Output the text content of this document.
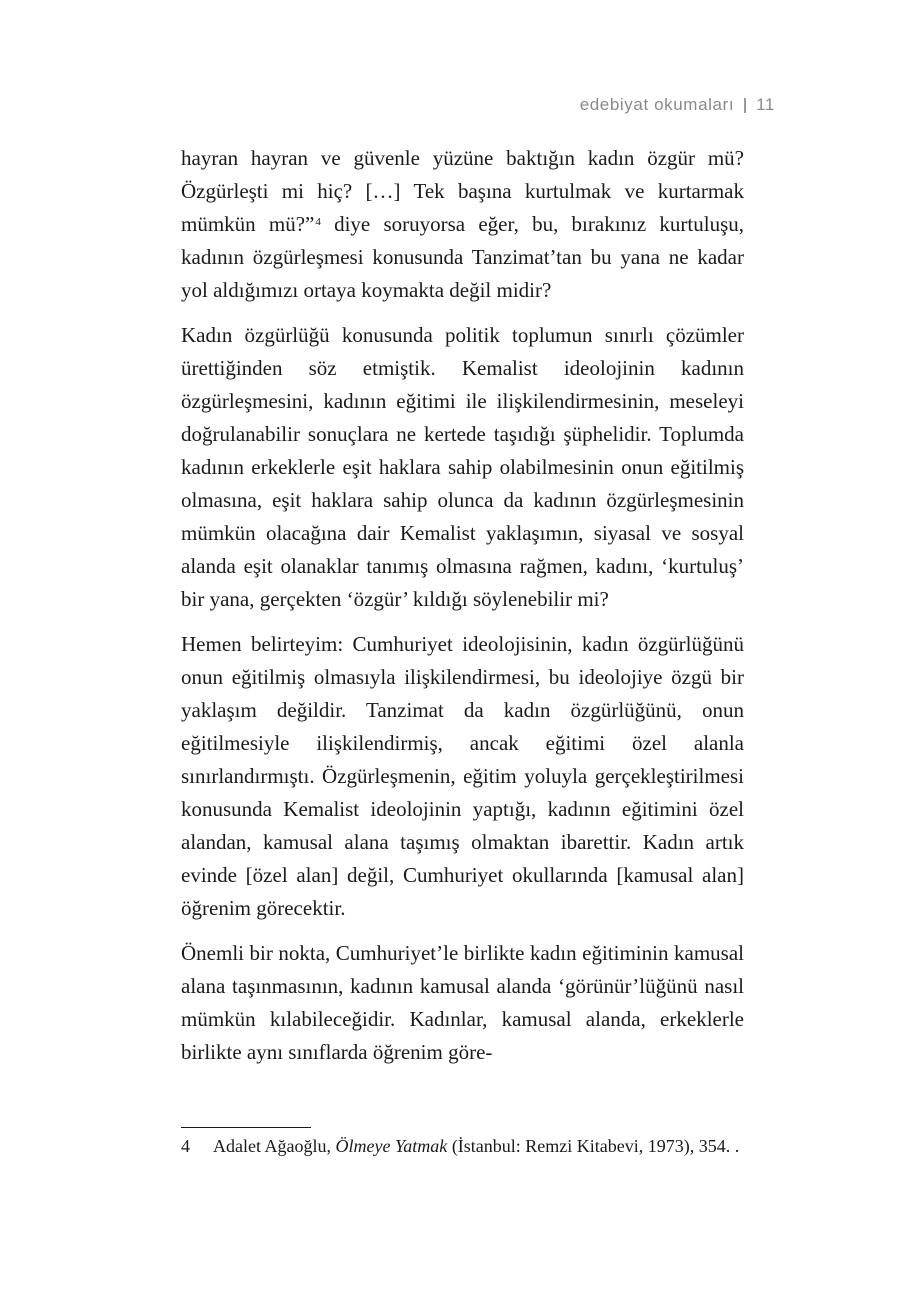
edebiyat okumaları 11

hayran hayran ve güvenle yüzüne baktığın kadın özgür mü? Özgürleşti mi hiç? […] Tek başına kurtulmak ve kurtarmak mümkün mü?”$^4$ diye soruyorsa eğer, bu, bırakınız kurtuluşu, kadının özgürleşmesi konusunda Tanzimat’tan bu yana ne kadar yol aldığımızı ortaya koymakta değil midir?

Kadın özgürlüğü konusunda politik toplumun sınırlı çözümler ürettiğinden söz etmiştik. Kemalist ideolojinin kadının özgürleşmesini, kadının eğitimi ile ilişkilendirmesinin, meseleyi doğrulanabilir sonuçlara ne kertede taşıdığı şüphelidir. Toplumda kadının erkeklerle eşit haklara sahip olabilmesinin onun eğitilmiş olmasına, eşit haklara sahip olunca da kadının özgürleşmesinin mümkün olacağına dair Kemalist yaklaşımın, siyasal ve sosyal alanda eşit olanaklar tanımış olmasına rağmen, kadını, ‘kurtuluş’ bir yana, gerçekten ‘özgür’ kıldığı söylenebilir mi?

Hemen belirteyim: Cumhuriyet ideolojisinin, kadın özgürlüğünü onun eğitilmiş olmasıyla ilişkilendirmesi, bu ideolojiye özgü bir yaklaşım değildir. Tanzimat da kadın özgürlüğünü, onun eğitilmesiyle ilişkilendirmiş, ancak eğitimi özel alanla sınırlandırmıştı. Özgürleşmenin, eğitim yoluyla gerçekleştirilmesi konusunda Kemalist ideolojinin yaptığı, kadının eğitimini özel alandan, kamusal alana taşımış olmaktan ibarettir. Kadın artık evinde [özel alan] değil, Cumhuriyet okullarında [kamusal alan] öğrenim görecektir.

Önemli bir nokta, Cumhuriyet’le birlikte kadın eğitiminin kamusal alana taşınmasının, kadının kamusal alanda ‘görünür’lüğünü nasıl mümkün kılabileceğidir. Kadınlar, kamusal alanda, erkeklerle birlikte aynı sınıflarda öğrenim göre-

4	Adalet Ağaoğlu, Ölmeye Yatmak (İstanbul: Remzi Kitabevi, 1973), 354. .
